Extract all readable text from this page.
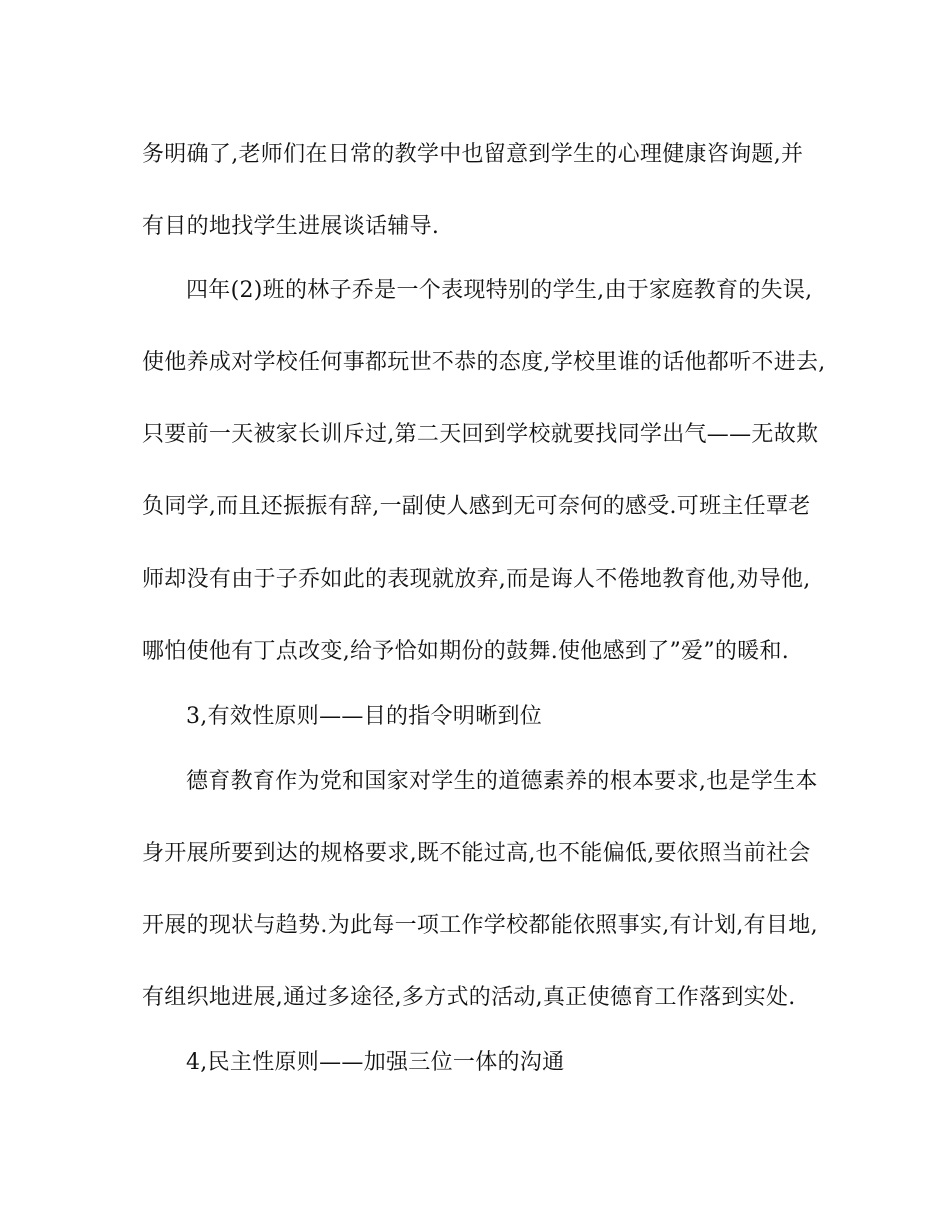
务明确了,老师们在日常的教学中也留意到学生的心理健康咨询题,并
有目的地找学生进展谈话辅导.
四年(2)班的林子乔是一个表现特别的学生,由于家庭教育的失误,
使他养成对学校任何事都玩世不恭的态度,学校里谁的话他都听不进去,
只要前一天被家长训斥过,第二天回到学校就要找同学出气——无故欺
负同学,而且还振振有辞,一副使人感到无可奈何的感受.可班主任覃老
师却没有由于子乔如此的表现就放弃,而是诲人不倦地教育他,劝导他,
哪怕使他有丁点改变,给予恰如期份的鼓舞.使他感到了”爱”的暖和.
3,有效性原则——目的指令明晰到位
德育教育作为党和国家对学生的道德素养的根本要求,也是学生本
身开展所要到达的规格要求,既不能过高,也不能偏低,要依照当前社会
开展的现状与趋势.为此每一项工作学校都能依照事实,有计划,有目地,
有组织地进展,通过多途径,多方式的活动,真正使德育工作落到实处.
4,民主性原则——加强三位一体的沟通
